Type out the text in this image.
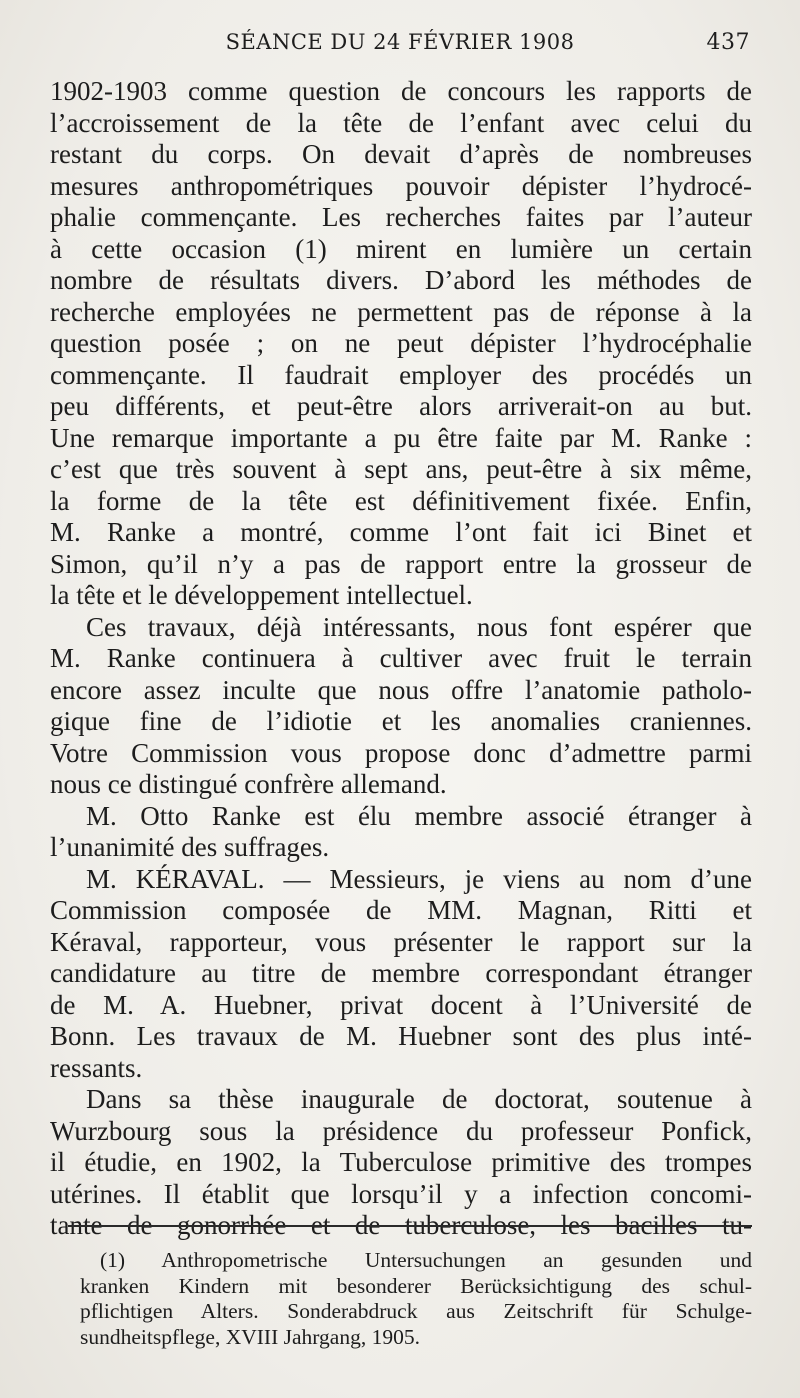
SÉANCE DU 24 FÉVRIER 1908	437
1902-1903 comme question de concours les rapports de
l’accroissement de la tête de l’enfant avec celui du
restant du corps. On devait d’après de nombreuses
mesures anthropométriques pouvoir dépister l’hydrocé-
phalie commençante. Les recherches faites par l’auteur
à cette occasion (1) mirent en lumière un certain
nombre de résultats divers. D’abord les méthodes de
recherche employées ne permettent pas de réponse à la
question posée ; on ne peut dépister l’hydrocéphalie
commençante. Il faudrait employer des procédés un
peu différents, et peut-être alors arriverait-on au but.
Une remarque importante a pu être faite par M. Ranke :
c’est que très souvent à sept ans, peut-être à six même,
la forme de la tête est définitivement fixée. Enfin,
M. Ranke a montré, comme l’ont fait ici Binet et
Simon, qu’il n’y a pas de rapport entre la grosseur de
la tête et le développement intellectuel.
Ces travaux, déjà intéressants, nous font espérer que
M. Ranke continuera à cultiver avec fruit le terrain
encore assez inculte que nous offre l’anatomie patholo-
gique fine de l’idiotie et les anomalies craniennes.
Votre Commission vous propose donc d’admettre parmi
nous ce distingué confrère allemand.
M. Otto Ranke est élu membre associé étranger à
l’unanimité des suffrages.
M. KÉRAVAL. — Messieurs, je viens au nom d’une
Commission composée de MM. Magnan, Ritti et
Kéraval, rapporteur, vous présenter le rapport sur la
candidature au titre de membre correspondant étranger
de M. A. Huebner, privat docent à l’Université de
Bonn. Les travaux de M. Huebner sont des plus inté-
ressants.
Dans sa thèse inaugurale de doctorat, soutenue à
Wurzbourg sous la présidence du professeur Ponfick,
il étudie, en 1902, la Tuberculose primitive des trompes
utérines. Il établit que lorsqu’il y a infection concomi-
tante de gonorrhée et de tuberculose, les bacilles tu-
(1) Anthropometrische Untersuchungen an gesunden und
kranken Kindern mit besonderer Berücksichtigung des schul-
pflichtigen Alters. Sonderabdruck aus Zeitschrift für Schulge-
sundheitspflege, XVIII Jahrgang, 1905.
